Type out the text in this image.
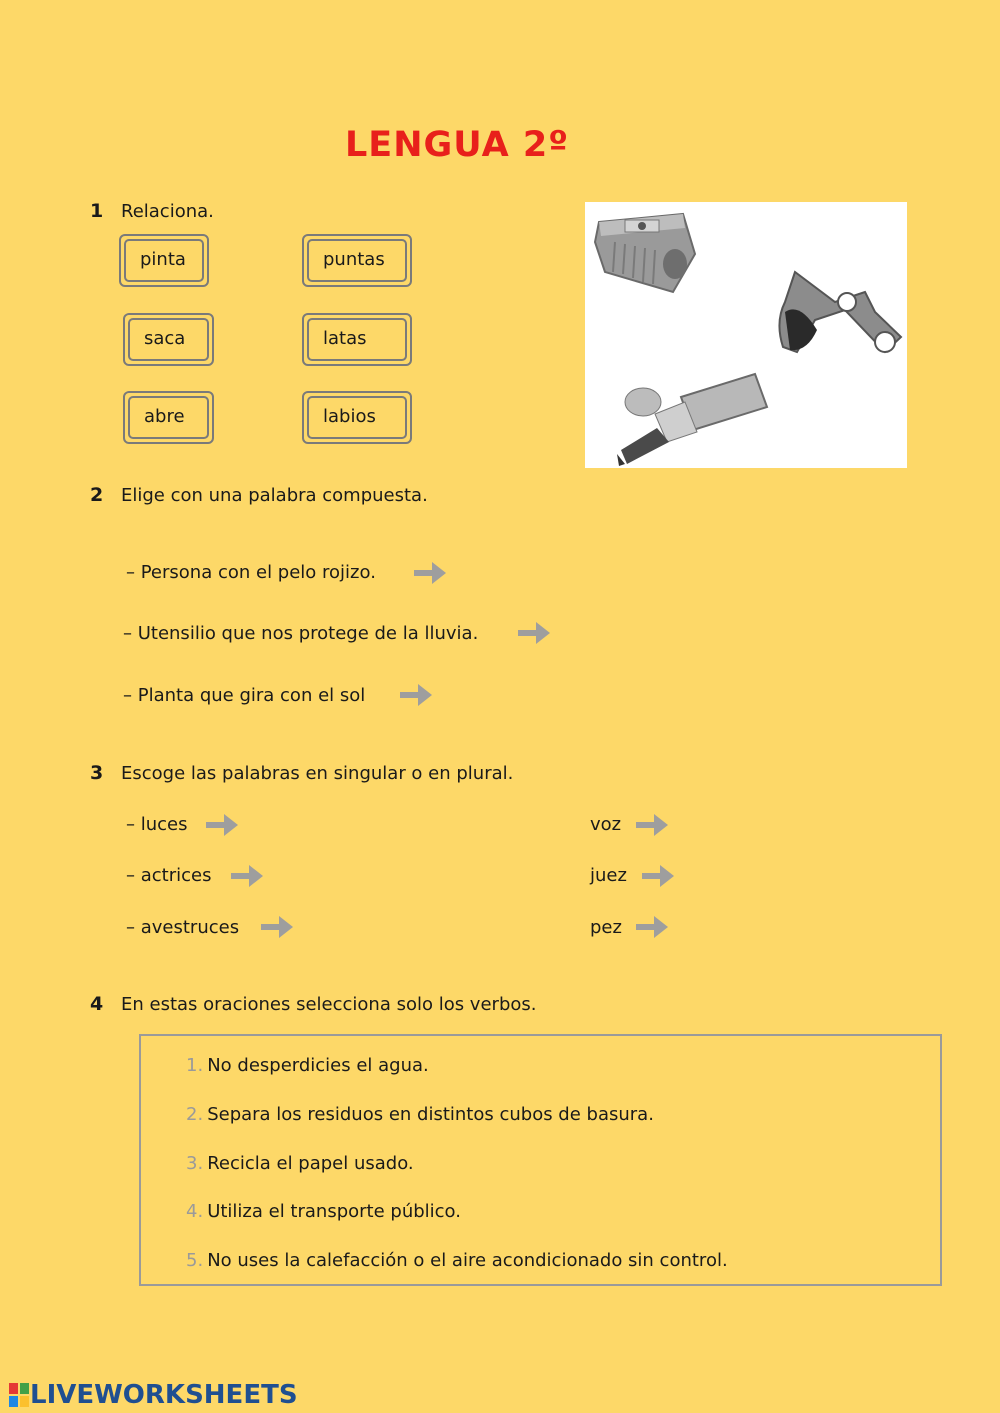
LENGUA 2º
1 Relaciona.
pinta
saca
abre
puntas
latas
labios
2 Elige con una palabra compuesta.
– Persona con el pelo rojizo.
– Utensilio que nos protege de la lluvia.
– Planta que gira con el sol
3 Escoge las palabras en singular o en plural.
– luces
– actrices
– avestruces
voz
juez
pez
4 En estas oraciones selecciona solo los verbos.
1. No desperdicies el agua.
2. Separa los residuos en distintos cubos de basura.
3. Recicla el papel usado.
4. Utiliza el transporte público.
5. No uses la calefacción o el aire acondicionado sin control.
LIVEWORKSHEETS
